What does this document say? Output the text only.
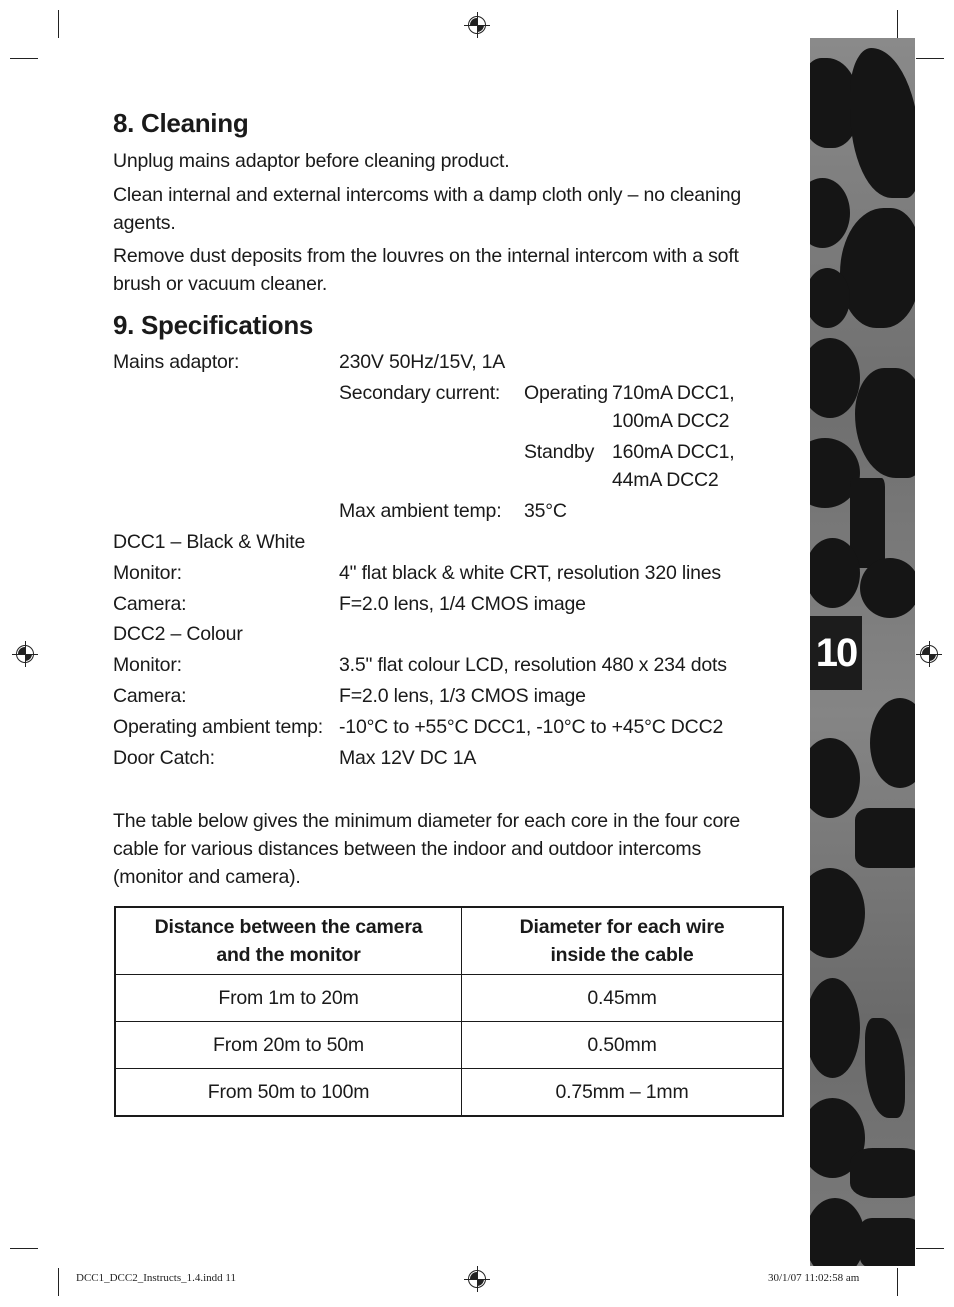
8. Cleaning

Unplug mains adaptor before cleaning product.

Clean internal and external intercoms with a damp cloth only – no cleaning agents.

Remove dust deposits from the louvres on the internal intercom with a soft brush or vacuum cleaner.

9. Specifications
Mains adaptor:	230V 50Hz/15V, 1A
Secondary current: Operating 710mA DCC1,
100mA DCC2
Standby 160mA DCC1,
44mA DCC2
Max ambient temp: 35°C
DCC1 – Black & White
Monitor:	4" flat black & white CRT, resolution 320 lines
Camera:	F=2.0 lens, 1/4 CMOS image
DCC2 – Colour
Monitor:	3.5" flat colour LCD, resolution 480 x 234 dots
Camera:	F=2.0 lens, 1/3 CMOS image
Operating ambient temp: -10°C to +55°C DCC1, -10°C to +45°C DCC2
Door Catch:	Max 12V DC 1A

The table below gives the minimum diameter for each core in the four core cable for various distances between the indoor and outdoor intercoms (monitor and camera).

Distance between the camera
and the monitor	Diameter for each wire
inside the cable
From 1m to 20m	0.45mm
From 20m to 50m	0.50mm
From 50m to 100m	0.75mm – 1mm
10
DCC1_DCC2_Instructs_1.4.indd 11	30/1/07 11:02:58 am
